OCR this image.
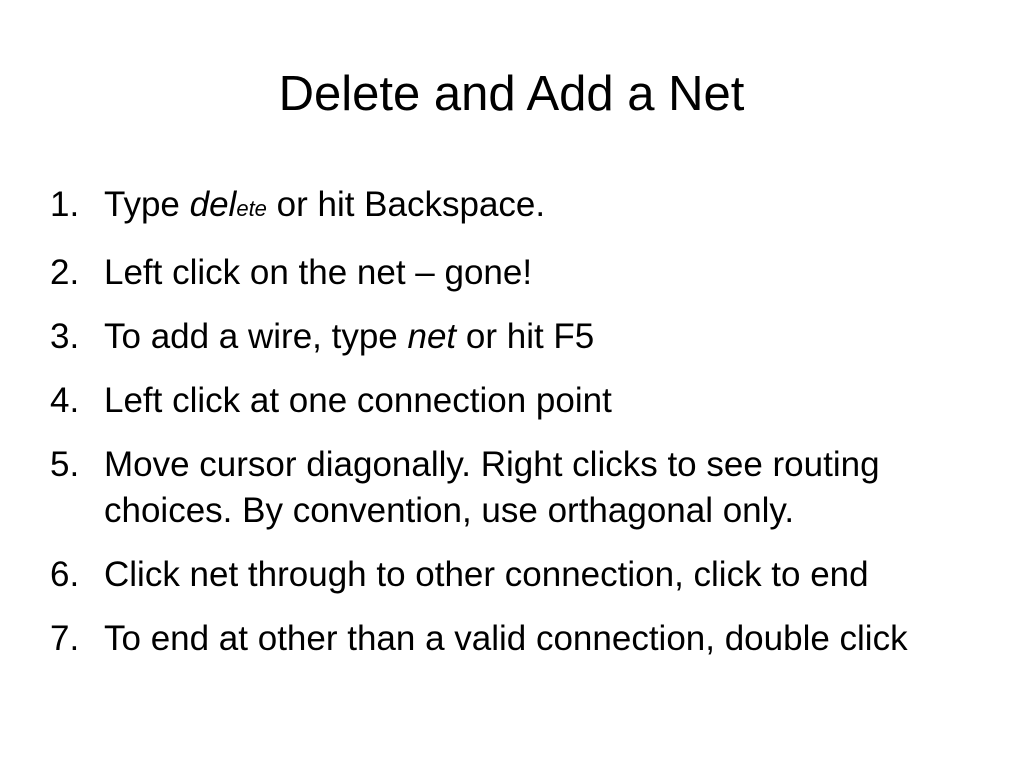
Delete and Add a Net
1. Type delete or hit Backspace.
2. Left click on the net – gone!
3. To add a wire, type net or hit F5
4. Left click at one connection point
5. Move cursor diagonally. Right clicks to see routing choices. By convention, use orthagonal only.
6. Click net through to other connection, click to end
7. To end at other than a valid connection, double click
